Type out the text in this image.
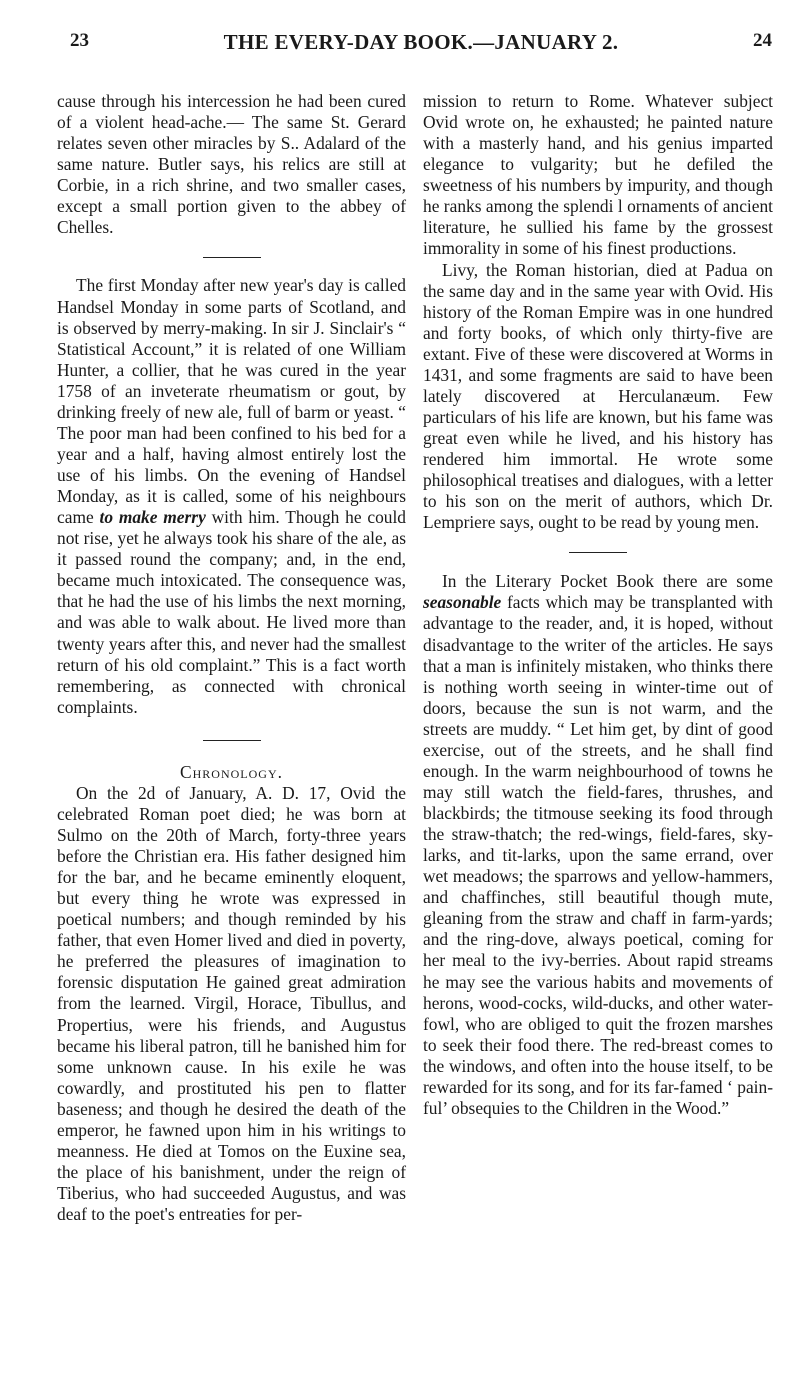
23	THE EVERY-DAY BOOK.—JANUARY 2.	24

cause through his intercession he had been cured of a violent head-ache.— The same St. Gerard relates seven other miracles by S.. Adalard of the same nature. Butler says, his relics are still at Corbie, in a rich shrine, and two smaller cases, except a small portion given to the abbey of Chelles.

The first Monday after new year's day is called Handsel Monday in some parts of Scotland, and is observed by merry-making. In sir J. Sinclair's “ Statistical Account,” it is related of one William Hunter, a collier, that he was cured in the year 1758 of an inveterate rheumatism or gout, by drinking freely of new ale, full of barm or yeast. “ The poor man had been confined to his bed for a year and a half, having almost entirely lost the use of his limbs. On the evening of Handsel Monday, as it is called, some of his neighbours came to make merry with him. Though he could not rise, yet he always took his share of the ale, as it passed round the company; and, in the end, became much intoxicated. The consequence was, that he had the use of his limbs the next morning, and was able to walk about. He lived more than twenty years after this, and never had the smallest return of his old complaint.” This is a fact worth remembering, as connected with chronical complaints.

Chronology.

On the 2d of January, A. D. 17, Ovid the celebrated Roman poet died; he was born at Sulmo on the 20th of March, forty-three years before the Christian era. His father designed him for the bar, and he became eminently eloquent, but every thing he wrote was expressed in poetical numbers; and though reminded by his father, that even Homer lived and died in poverty, he preferred the pleasures of imagination to forensic disputation He gained great admiration from the learned. Virgil, Horace, Tibullus, and Propertius, were his friends, and Augustus became his liberal patron, till he banished him for some unknown cause. In his exile he was cowardly, and prostituted his pen to flatter baseness; and though he desired the death of the emperor, he fawned upon him in his writings to meanness. He died at Tomos on the Euxine sea, the place of his banishment, under the reign of Tiberius, who had succeeded Augustus, and was deaf to the poet's entreaties for per-

mission to return to Rome. Whatever subject Ovid wrote on, he exhausted; he painted nature with a masterly hand, and his genius imparted elegance to vulgarity; but he defiled the sweetness of his numbers by impurity, and though he ranks among the splendi l ornaments of ancient literature, he sullied his fame by the grossest immorality in some of his finest productions.

Livy, the Roman historian, died at Padua on the same day and in the same year with Ovid. His history of the Roman Empire was in one hundred and forty books, of which only thirty-five are extant. Five of these were discovered at Worms in 1431, and some fragments are said to have been lately discovered at Herculanæum. Few particulars of his life are known, but his fame was great even while he lived, and his history has rendered him immortal. He wrote some philosophical treatises and dialogues, with a letter to his son on the merit of authors, which Dr. Lempriere says, ought to be read by young men.

In the Literary Pocket Book there are some seasonable facts which may be transplanted with advantage to the reader, and, it is hoped, without disadvantage to the writer of the articles. He says that a man is infinitely mistaken, who thinks there is nothing worth seeing in winter-time out of doors, because the sun is not warm, and the streets are muddy. “ Let him get, by dint of good exercise, out of the streets, and he shall find enough. In the warm neighbourhood of towns he may still watch the field-fares, thrushes, and blackbirds; the titmouse seeking its food through the straw-thatch; the red-wings, field-fares, sky-larks, and tit-larks, upon the same errand, over wet meadows; the sparrows and yellow-hammers, and chaffinches, still beautiful though mute, gleaning from the straw and chaff in farm-yards; and the ring-dove, always poetical, coming for her meal to the ivy-berries. About rapid streams he may see the various habits and movements of herons, wood-cocks, wild-ducks, and other water-fowl, who are obliged to quit the frozen marshes to seek their food there. The red-breast comes to the windows, and often into the house itself, to be rewarded for its song, and for its far-famed ‘ pain-ful’ obsequies to the Children in the Wood.”
